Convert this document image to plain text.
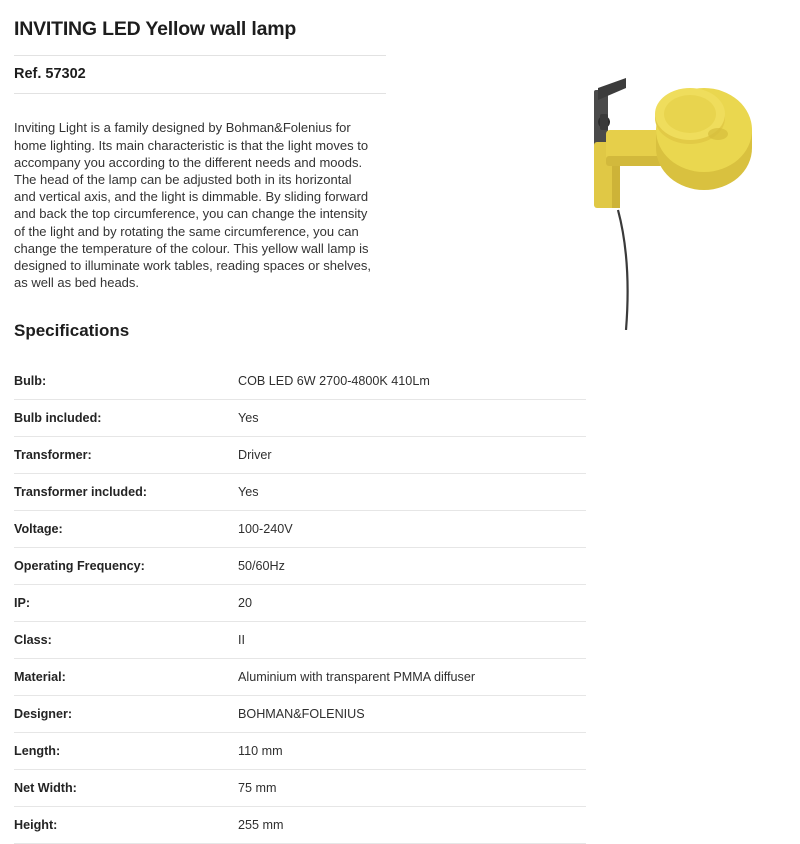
INVITING LED Yellow wall lamp
Ref. 57302

Inviting Light is a family designed by Bohman&Folenius for home lighting. Its main characteristic is that the light moves to accompany you according to the different needs and moods. The head of the lamp can be adjusted both in its horizontal and vertical axis, and the light is dimmable. By sliding forward and back the top circumference, you can change the intensity of the light and by rotating the same circumference, you can change the temperature of the colour. This yellow wall lamp is designed to illuminate work tables, reading spaces or shelves, as well as bed heads.

Specifications
Bulb:	COB LED 6W 2700-4800K 410Lm
Bulb included:	Yes
Transformer:	Driver
Transformer included:	Yes
Voltage:	100-240V
Operating Frequency:	50/60Hz
IP:	20
Class:	II
Material:	Aluminium with transparent PMMA diffuser
Designer:	BOHMAN&FOLENIUS
Length:	110 mm
Net Width:	75 mm
Height:	255 mm
